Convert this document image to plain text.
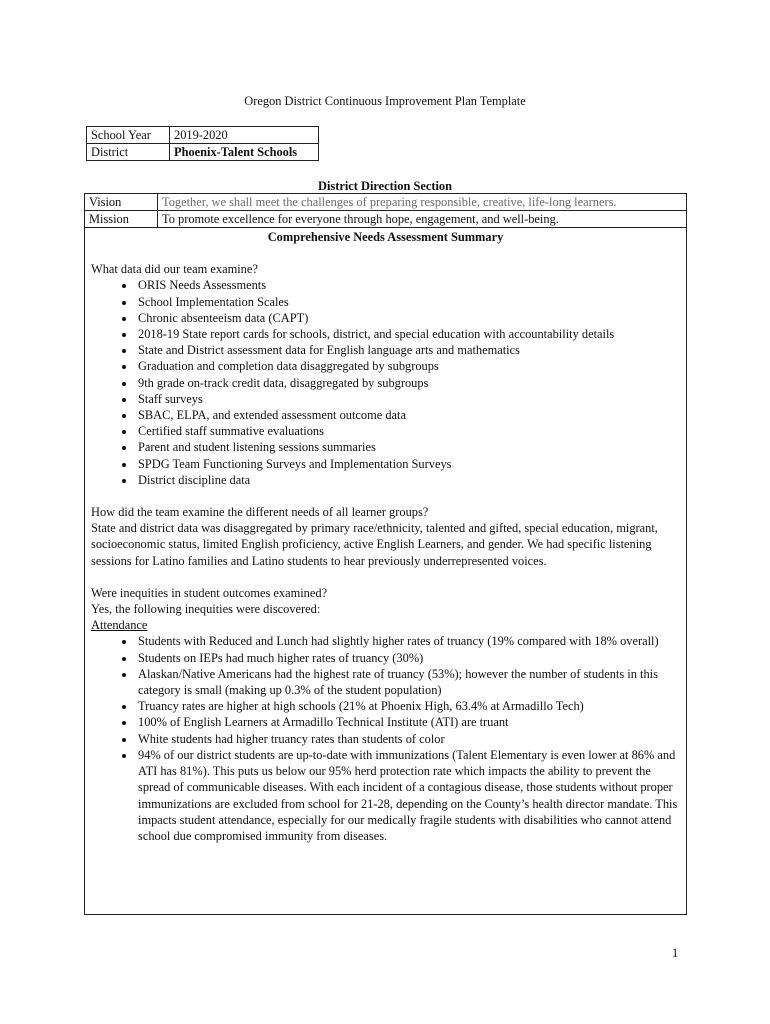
Oregon District Continuous Improvement Plan Template
School Year	2019-2020
District	Phoenix-Talent Schools
District Direction Section
Vision	Together, we shall meet the challenges of preparing responsible, creative, life-long learners.
Mission	To promote excellence for everyone through hope, engagement, and well-being.
Comprehensive Needs Assessment Summary

What data did our team examine?

• ORIS Needs Assessments
• School Implementation Scales
• Chronic absenteeism data (CAPT)
• 2018-19 State report cards for schools, district, and special education with accountability details
• State and District assessment data for English language arts and mathematics
• Graduation and completion data disaggregated by subgroups
• 9th grade on-track credit data, disaggregated by subgroups
• Staff surveys
• SBAC, ELPA, and extended assessment outcome data
• Certified staff summative evaluations
• Parent and student listening sessions summaries
• SPDG Team Functioning Surveys and Implementation Surveys
• District discipline data

How did the team examine the different needs of all learner groups?

State and district data was disaggregated by primary race/ethnicity, talented and gifted, special education, migrant, socioeconomic status, limited English proficiency, active English Learners, and gender. We had specific listening sessions for Latino families and Latino students to hear previously underrepresented voices.

Were inequities in student outcomes examined?

Yes, the following inequities were discovered:

Attendance

• Students with Reduced and Lunch had slightly higher rates of truancy (19% compared with 18% overall)
• Students on IEPs had much higher rates of truancy (30%)
• Alaskan/Native Americans had the highest rate of truancy (53%); however the number of students in this category is small (making up 0.3% of the student population)
• Truancy rates are higher at high schools (21% at Phoenix High, 63.4% at Armadillo Tech)
• 100% of English Learners at Armadillo Technical Institute (ATI) are truant
• White students had higher truancy rates than students of color
• 94% of our district students are up-to-date with immunizations (Talent Elementary is even lower at 86% and ATI has 81%). This puts us below our 95% herd protection rate which impacts the ability to prevent the spread of communicable diseases. With each incident of a contagious disease, those students without proper immunizations are excluded from school for 21-28, depending on the County’s health director mandate. This impacts student attendance, especially for our medically fragile students with disabilities who cannot attend school due compromised immunity from diseases.
1
